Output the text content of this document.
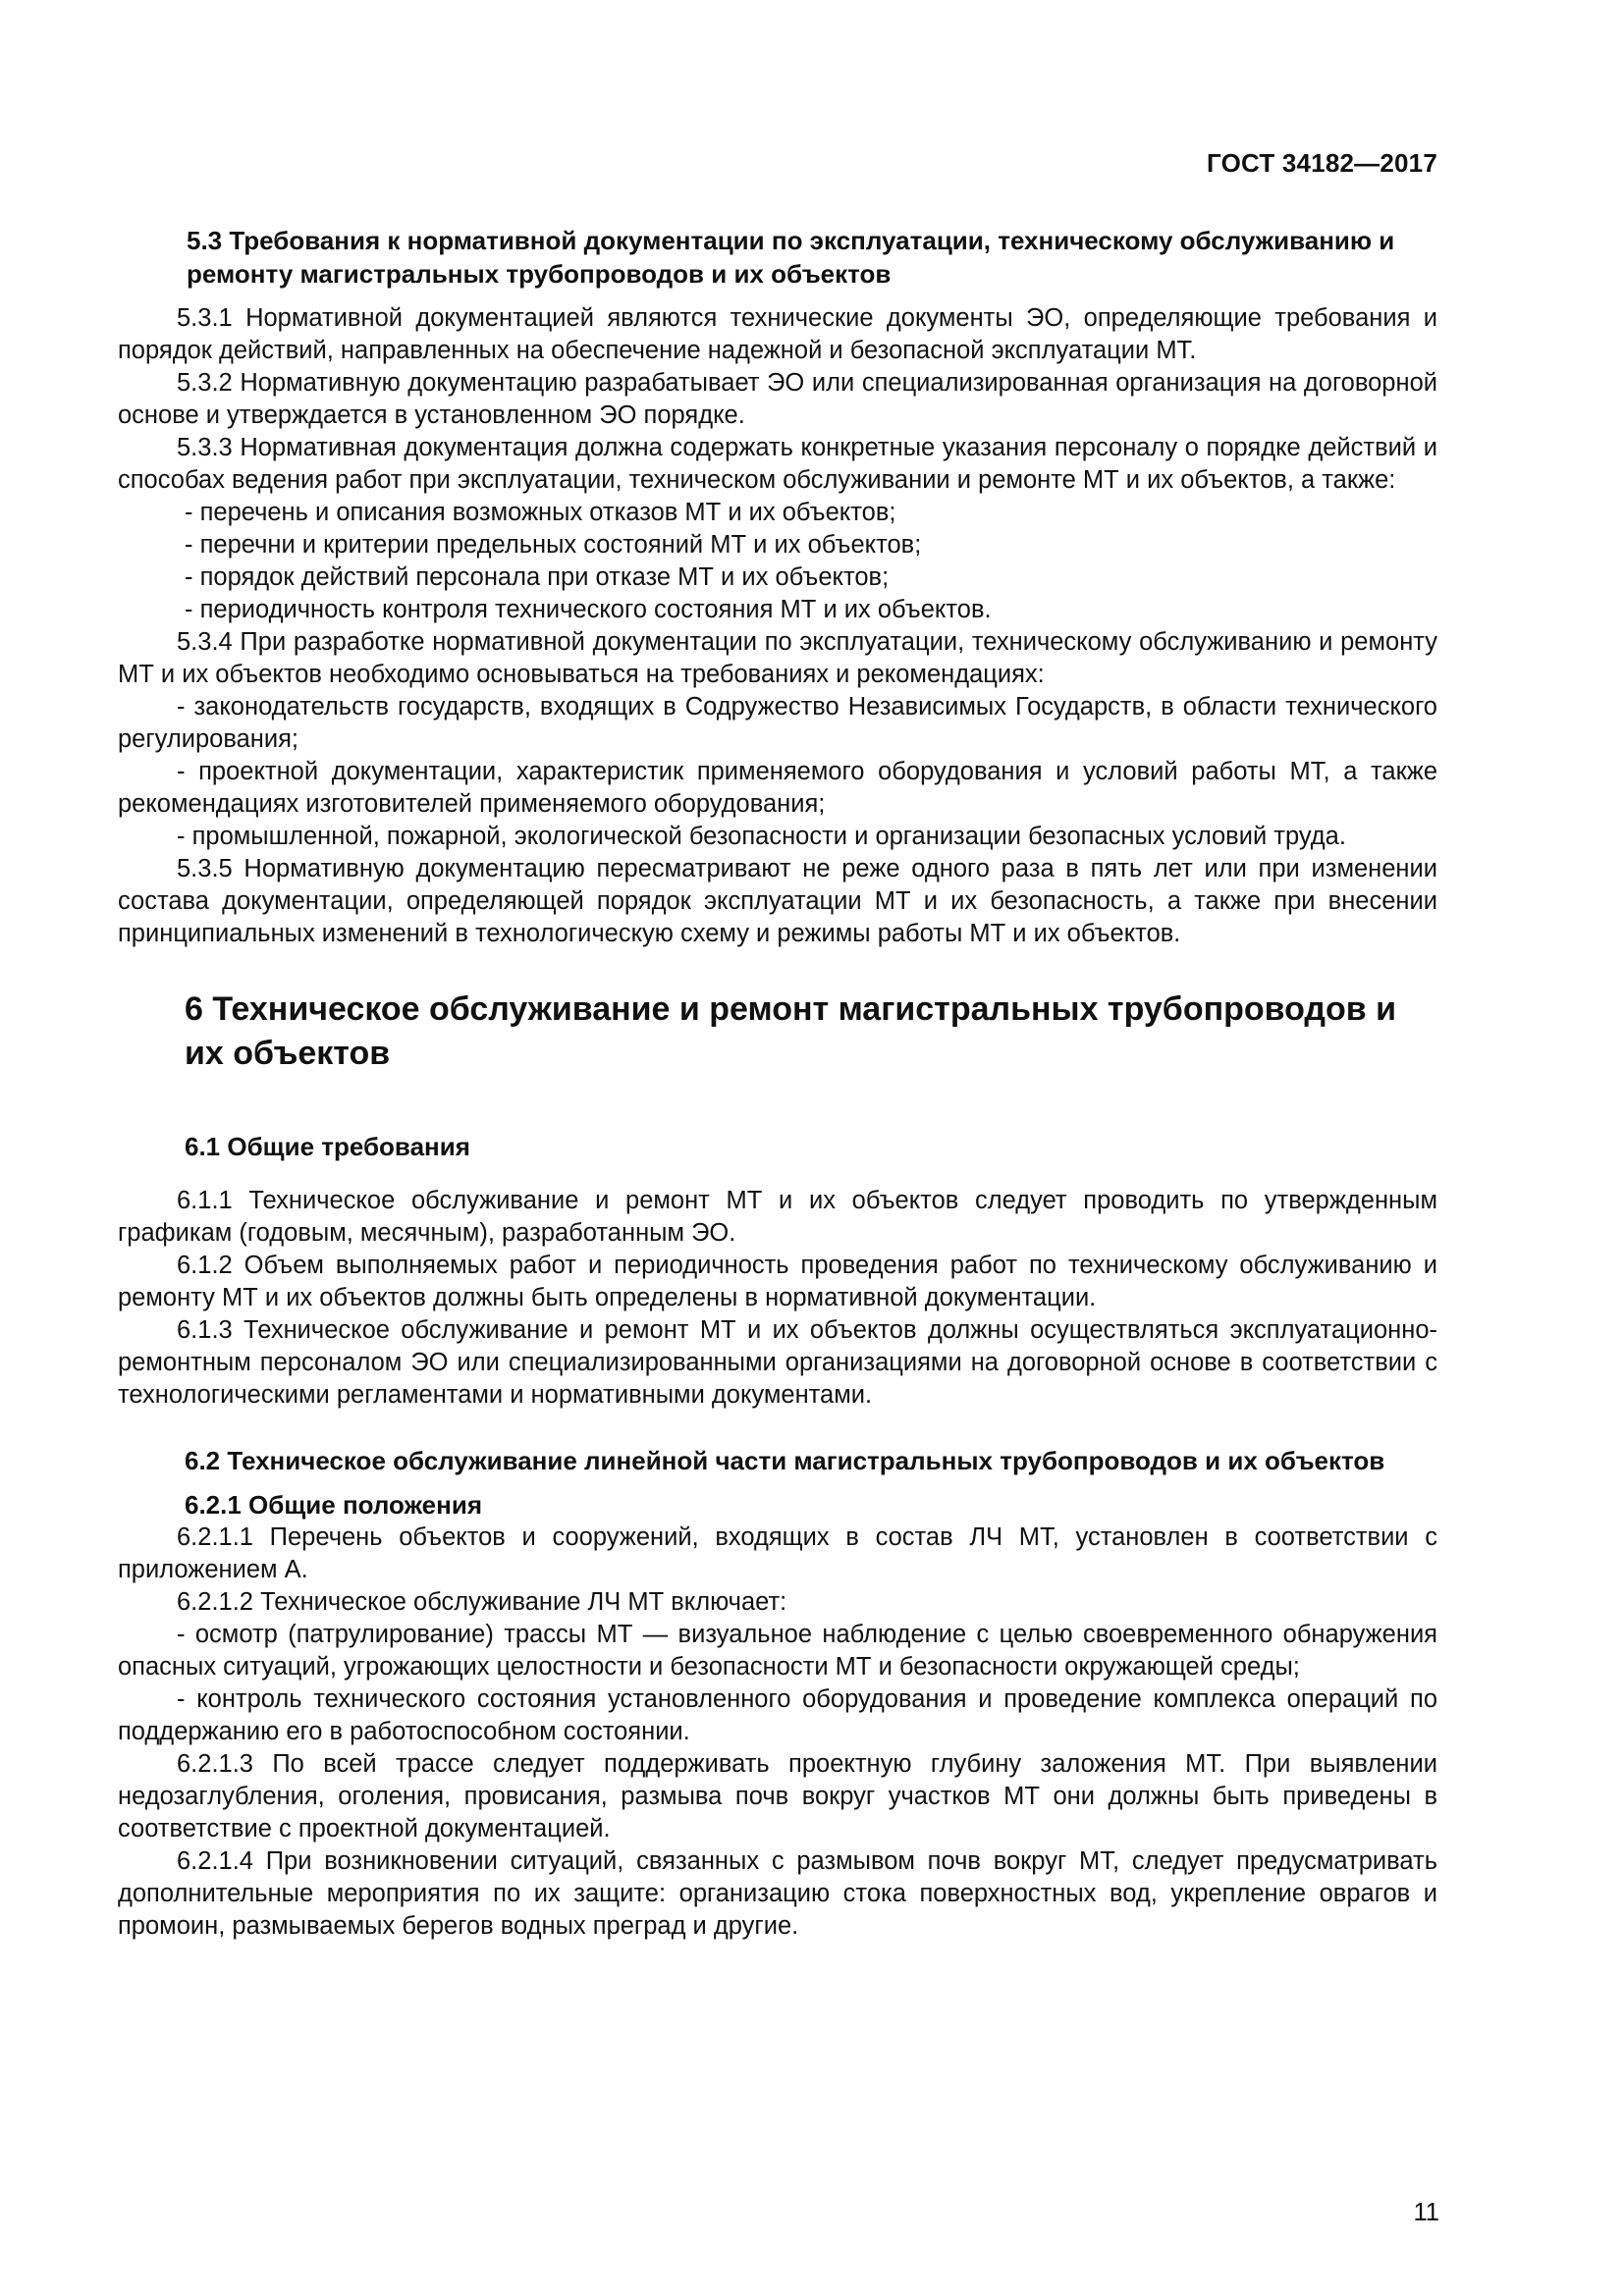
ГОСТ 34182—2017
5.3 Требования к нормативной документации по эксплуатации, техническому обслуживанию и ремонту магистральных трубопроводов и их объектов

5.3.1 Нормативной документацией являются технические документы ЭО, определяющие требования и порядок действий, направленных на обеспечение надежной и безопасной эксплуатации МТ.

5.3.2 Нормативную документацию разрабатывает ЭО или специализированная организация на договорной основе и утверждается в установленном ЭО порядке.

5.3.3 Нормативная документация должна содержать конкретные указания персоналу о порядке действий и способах ведения работ при эксплуатации, техническом обслуживании и ремонте МТ и их объектов, а также:

- перечень и описания возможных отказов МТ и их объектов;

- перечни и критерии предельных состояний МТ и их объектов;

- порядок действий персонала при отказе МТ и их объектов;

- периодичность контроля технического состояния МТ и их объектов.

5.3.4 При разработке нормативной документации по эксплуатации, техническому обслуживанию и ремонту МТ и их объектов необходимо основываться на требованиях и рекомендациях:

- законодательств государств, входящих в Содружество Независимых Государств, в области технического регулирования;

- проектной документации, характеристик применяемого оборудования и условий работы МТ, а также рекомендациях изготовителей применяемого оборудования;

- промышленной, пожарной, экологической безопасности и организации безопасных условий труда.

5.3.5 Нормативную документацию пересматривают не реже одного раза в пять лет или при изменении состава документации, определяющей порядок эксплуатации МТ и их безопасность, а также при внесении принципиальных изменений в технологическую схему и режимы работы МТ и их объектов.

6 Техническое обслуживание и ремонт магистральных трубопроводов и их объектов
6.1 Общие требования

6.1.1 Техническое обслуживание и ремонт МТ и их объектов следует проводить по утвержденным графикам (годовым, месячным), разработанным ЭО.

6.1.2 Объем выполняемых работ и периодичность проведения работ по техническому обслуживанию и ремонту МТ и их объектов должны быть определены в нормативной документации.

6.1.3 Техническое обслуживание и ремонт МТ и их объектов должны осуществляться эксплуатационно-ремонтным персоналом ЭО или специализированными организациями на договорной основе в соответствии с технологическими регламентами и нормативными документами.

6.2 Техническое обслуживание линейной части магистральных трубопроводов и их объектов
6.2.1 Общие положения

6.2.1.1 Перечень объектов и сооружений, входящих в состав ЛЧ МТ, установлен в соответствии с приложением А.

6.2.1.2 Техническое обслуживание ЛЧ МТ включает:

- осмотр (патрулирование) трассы МТ — визуальное наблюдение с целью своевременного обнаружения опасных ситуаций, угрожающих целостности и безопасности МТ и безопасности окружающей среды;

- контроль технического состояния установленного оборудования и проведение комплекса операций по поддержанию его в работоспособном состоянии.

6.2.1.3 По всей трассе следует поддерживать проектную глубину заложения МТ. При выявлении недозаглубления, оголения, провисания, размыва почв вокруг участков МТ они должны быть приведены в соответствие с проектной документацией.

6.2.1.4 При возникновении ситуаций, связанных с размывом почв вокруг МТ, следует предусматривать дополнительные мероприятия по их защите: организацию стока поверхностных вод, укрепление оврагов и промоин, размываемых берегов водных преград и другие.

11
